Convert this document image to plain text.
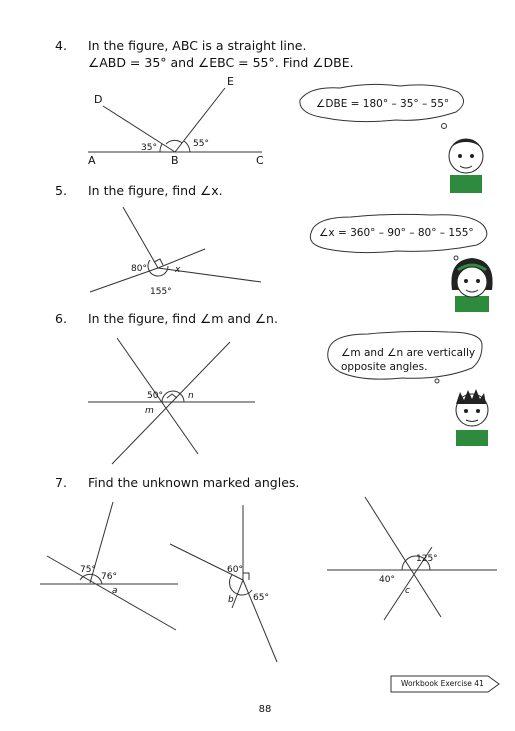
4. In the figure, ABC is a straight line.
∠ABD = 35° and ∠EBC = 55°. Find ∠DBE.
5. In the figure, find ∠x.
6. In the figure, find ∠m and ∠n.
7. Find the unknown marked angles.
D
E
A	B	C
35°	55°
80°
155°
x
50°
m
n
75°
76°
a
60°
65°
b
125°
40°
c
∠DBE = 180° – 35° – 55°
∠x = 360° – 90° – 80° – 155°
∠m and ∠n are vertically
opposite angles.
Workbook Exercise 41
88
